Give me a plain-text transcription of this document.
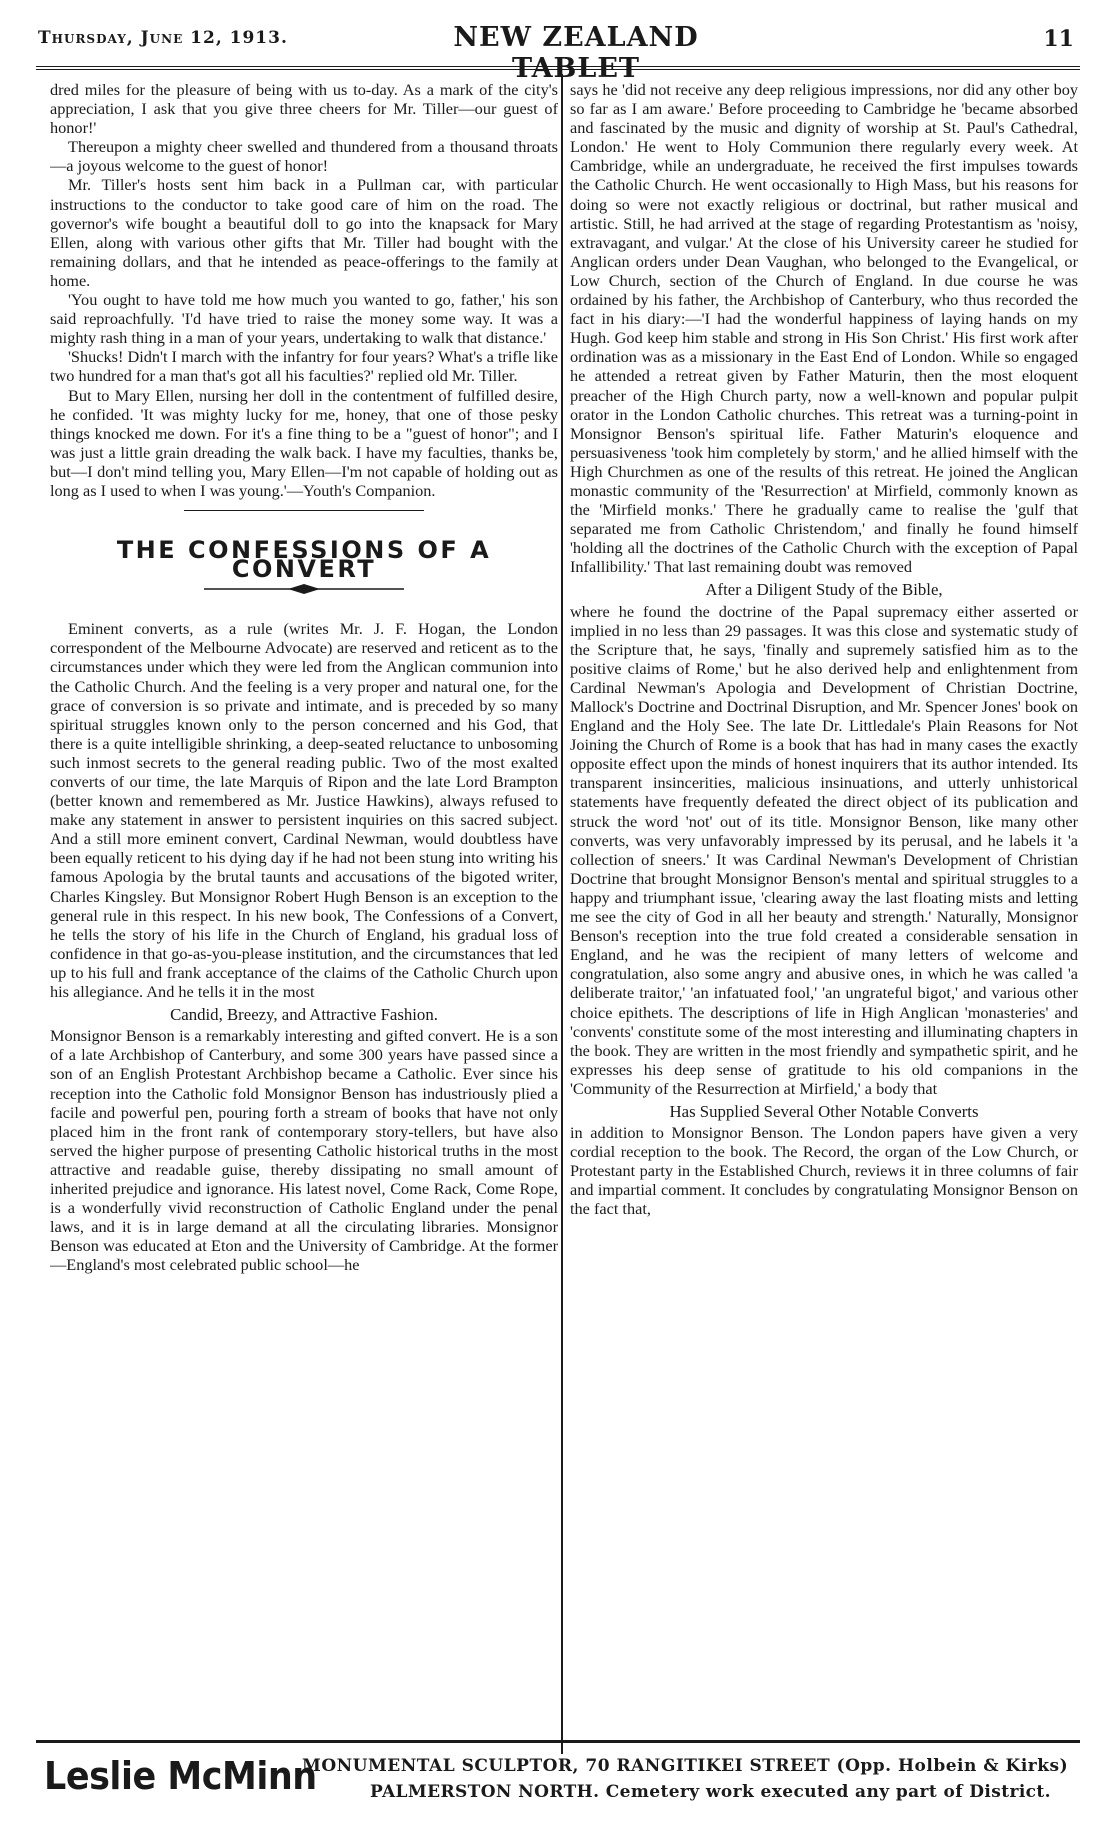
Thursday, June 12, 1913.	NEW ZEALAND TABLET
11

dred miles for the pleasure of being with us to-day. As a mark of the city's appreciation, I ask that you give three cheers for Mr. Tiller—our guest of honor!'

Thereupon a mighty cheer swelled and thundered from a thousand throats—a joyous welcome to the guest of honor!

Mr. Tiller's hosts sent him back in a Pullman car, with particular instructions to the conductor to take good care of him on the road. The governor's wife bought a beautiful doll to go into the knapsack for Mary Ellen, along with various other gifts that Mr. Tiller had bought with the remaining dollars, and that he intended as peace-offerings to the family at home.

'You ought to have told me how much you wanted to go, father,' his son said reproachfully. 'I'd have tried to raise the money some way. It was a mighty rash thing in a man of your years, undertaking to walk that distance.'

'Shucks! Didn't I march with the infantry for four years? What's a trifle like two hundred for a man that's got all his faculties?' replied old Mr. Tiller.

But to Mary Ellen, nursing her doll in the contentment of fulfilled desire, he confided. 'It was mighty lucky for me, honey, that one of those pesky things knocked me down. For it's a fine thing to be a "guest of honor"; and I was just a little grain dreading the walk back. I have my faculties, thanks be, but—I don't mind telling you, Mary Ellen—I'm not capable of holding out as long as I used to when I was young.'—Youth's Companion.

THE CONFESSIONS OF A CONVERT

Eminent converts, as a rule (writes Mr. J. F. Hogan, the London correspondent of the Melbourne Advocate) are reserved and reticent as to the circumstances under which they were led from the Anglican communion into the Catholic Church. And the feeling is a very proper and natural one, for the grace of conversion is so private and intimate, and is preceded by so many spiritual struggles known only to the person concerned and his God, that there is a quite intelligible shrinking, a deep-seated reluctance to unbosoming such inmost secrets to the general reading public. Two of the most exalted converts of our time, the late Marquis of Ripon and the late Lord Brampton (better known and remembered as Mr. Justice Hawkins), always refused to make any statement in answer to persistent inquiries on this sacred subject. And a still more eminent convert, Cardinal Newman, would doubtless have been equally reticent to his dying day if he had not been stung into writing his famous Apologia by the brutal taunts and accusations of the bigoted writer, Charles Kingsley. But Monsignor Robert Hugh Benson is an exception to the general rule in this respect. In his new book, The Confessions of a Convert, he tells the story of his life in the Church of England, his gradual loss of confidence in that go-as-you-please institution, and the circumstances that led up to his full and frank acceptance of the claims of the Catholic Church upon his allegiance. And he tells it in the most

Candid, Breezy, and Attractive Fashion.

Monsignor Benson is a remarkably interesting and gifted convert. He is a son of a late Archbishop of Canterbury, and some 300 years have passed since a son of an English Protestant Archbishop became a Catholic. Ever since his reception into the Catholic fold Monsignor Benson has industriously plied a facile and powerful pen, pouring forth a stream of books that have not only placed him in the front rank of contemporary story-tellers, but have also served the higher purpose of presenting Catholic historical truths in the most attractive and readable guise, thereby dissipating no small amount of inherited prejudice and ignorance. His latest novel, Come Rack, Come Rope, is a wonderfully vivid reconstruction of Catholic England under the penal laws, and it is in large demand at all the circulating libraries. Monsignor Benson was educated at Eton and the University of Cambridge. At the former—England's most celebrated public school—he

says he 'did not receive any deep religious impressions, nor did any other boy so far as I am aware.' Before proceeding to Cambridge he 'became absorbed and fascinated by the music and dignity of worship at St. Paul's Cathedral, London.' He went to Holy Communion there regularly every week. At Cambridge, while an undergraduate, he received the first impulses towards the Catholic Church. He went occasionally to High Mass, but his reasons for doing so were not exactly religious or doctrinal, but rather musical and artistic. Still, he had arrived at the stage of regarding Protestantism as 'noisy, extravagant, and vulgar.' At the close of his University career he studied for Anglican orders under Dean Vaughan, who belonged to the Evangelical, or Low Church, section of the Church of England. In due course he was ordained by his father, the Archbishop of Canterbury, who thus recorded the fact in his diary:—'I had the wonderful happiness of laying hands on my Hugh. God keep him stable and strong in His Son Christ.' His first work after ordination was as a missionary in the East End of London. While so engaged he attended a retreat given by Father Maturin, then the most eloquent preacher of the High Church party, now a well-known and popular pulpit orator in the London Catholic churches. This retreat was a turning-point in Monsignor Benson's spiritual life. Father Maturin's eloquence and persuasiveness 'took him completely by storm,' and he allied himself with the High Churchmen as one of the results of this retreat. He joined the Anglican monastic community of the 'Resurrection' at Mirfield, commonly known as the 'Mirfield monks.' There he gradually came to realise the 'gulf that separated me from Catholic Christendom,' and finally he found himself 'holding all the doctrines of the Catholic Church with the exception of Papal Infallibility.' That last remaining doubt was removed

After a Diligent Study of the Bible,

where he found the doctrine of the Papal supremacy either asserted or implied in no less than 29 passages. It was this close and systematic study of the Scripture that, he says, 'finally and supremely satisfied him as to the positive claims of Rome,' but he also derived help and enlightenment from Cardinal Newman's Apologia and Development of Christian Doctrine, Mallock's Doctrine and Doctrinal Disruption, and Mr. Spencer Jones' book on England and the Holy See. The late Dr. Littledale's Plain Reasons for Not Joining the Church of Rome is a book that has had in many cases the exactly opposite effect upon the minds of honest inquirers that its author intended. Its transparent insincerities, malicious insinuations, and utterly unhistorical statements have frequently defeated the direct object of its publication and struck the word 'not' out of its title. Monsignor Benson, like many other converts, was very unfavorably impressed by its perusal, and he labels it 'a collection of sneers.' It was Cardinal Newman's Development of Christian Doctrine that brought Monsignor Benson's mental and spiritual struggles to a happy and triumphant issue, 'clearing away the last floating mists and letting me see the city of God in all her beauty and strength.' Naturally, Monsignor Benson's reception into the true fold created a considerable sensation in England, and he was the recipient of many letters of welcome and congratulation, also some angry and abusive ones, in which he was called 'a deliberate traitor,' 'an infatuated fool,' 'an ungrateful bigot,' and various other choice epithets. The descriptions of life in High Anglican 'monasteries' and 'convents' constitute some of the most interesting and illuminating chapters in the book. They are written in the most friendly and sympathetic spirit, and he expresses his deep sense of gratitude to his old companions in the 'Community of the Resurrection at Mirfield,' a body that

Has Supplied Several Other Notable Converts

in addition to Monsignor Benson. The London papers have given a very cordial reception to the book. The Record, the organ of the Low Church, or Protestant party in the Established Church, reviews it in three columns of fair and impartial comment. It concludes by congratulating Monsignor Benson on the fact that,

Leslie McMinn
MONUMENTAL SCULPTOR, 70 RANGITIKEI STREET (Opp. Holbein & Kirks)
PALMERSTON NORTH. Cemetery work executed any part of District.
